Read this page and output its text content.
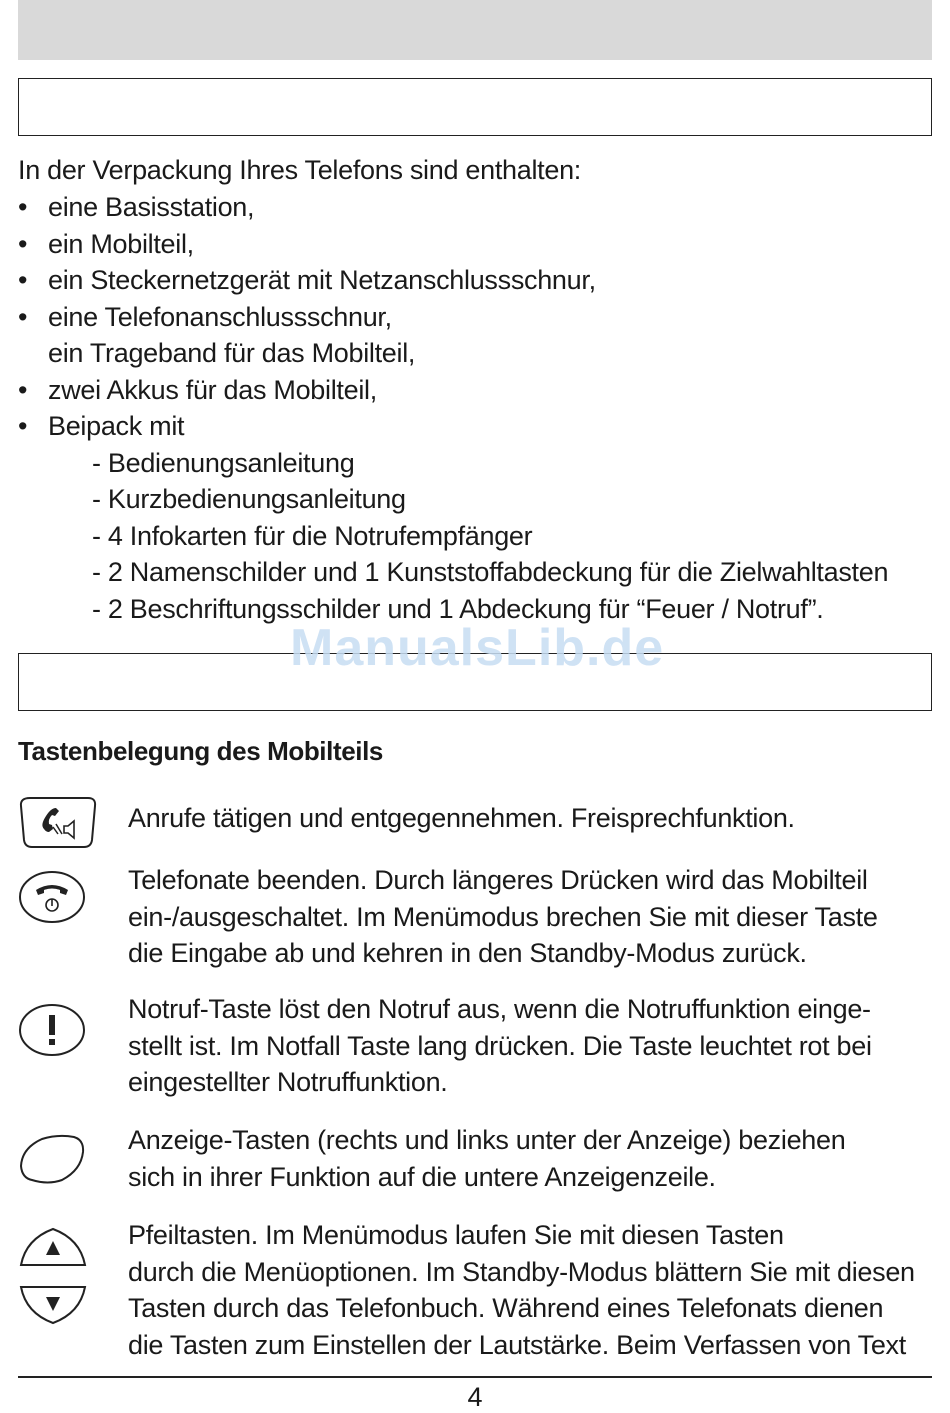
In der Verpackung Ihres Telefons sind enthalten:
• eine Basisstation,
• ein Mobilteil,
• ein Steckernetzgerät mit Netzanschlussschnur,
• eine Telefonanschlussschnur,
ein Trageband für das Mobilteil,
• zwei Akkus für das Mobilteil,
• Beipack mit
- Bedienungsanleitung
- Kurzbedienungsanleitung
- 4 Infokarten für die Notrufempfänger
- 2 Namenschilder und 1 Kunststoffabdeckung für die Zielwahltasten
- 2 Beschriftungsschilder und 1 Abdeckung für “Feuer / Notruf”.
ManualsLib.de
Tastenbelegung des Mobilteils
Anrufe tätigen und entgegennehmen. Freisprechfunktion.
Telefonate beenden. Durch längeres Drücken wird das Mobilteil
ein-/ausgeschaltet. Im Menümodus brechen Sie mit dieser Taste
die Eingabe ab und kehren in den Standby-Modus zurück.
Notruf-Taste löst den Notruf aus, wenn die Notruffunktion einge-
stellt ist. Im Notfall Taste lang drücken. Die Taste leuchtet rot bei
eingestellter Notruffunktion.
Anzeige-Tasten (rechts und links unter der Anzeige) beziehen
sich in ihrer Funktion auf die untere Anzeigenzeile.
Pfeiltasten. Im Menümodus laufen Sie mit diesen Tasten
durch die Menüoptionen. Im Standby-Modus blättern Sie mit diesen
Tasten durch das Telefonbuch. Während eines Telefonats dienen
die Tasten zum Einstellen der Lautstärke. Beim Verfassen von Text
4
